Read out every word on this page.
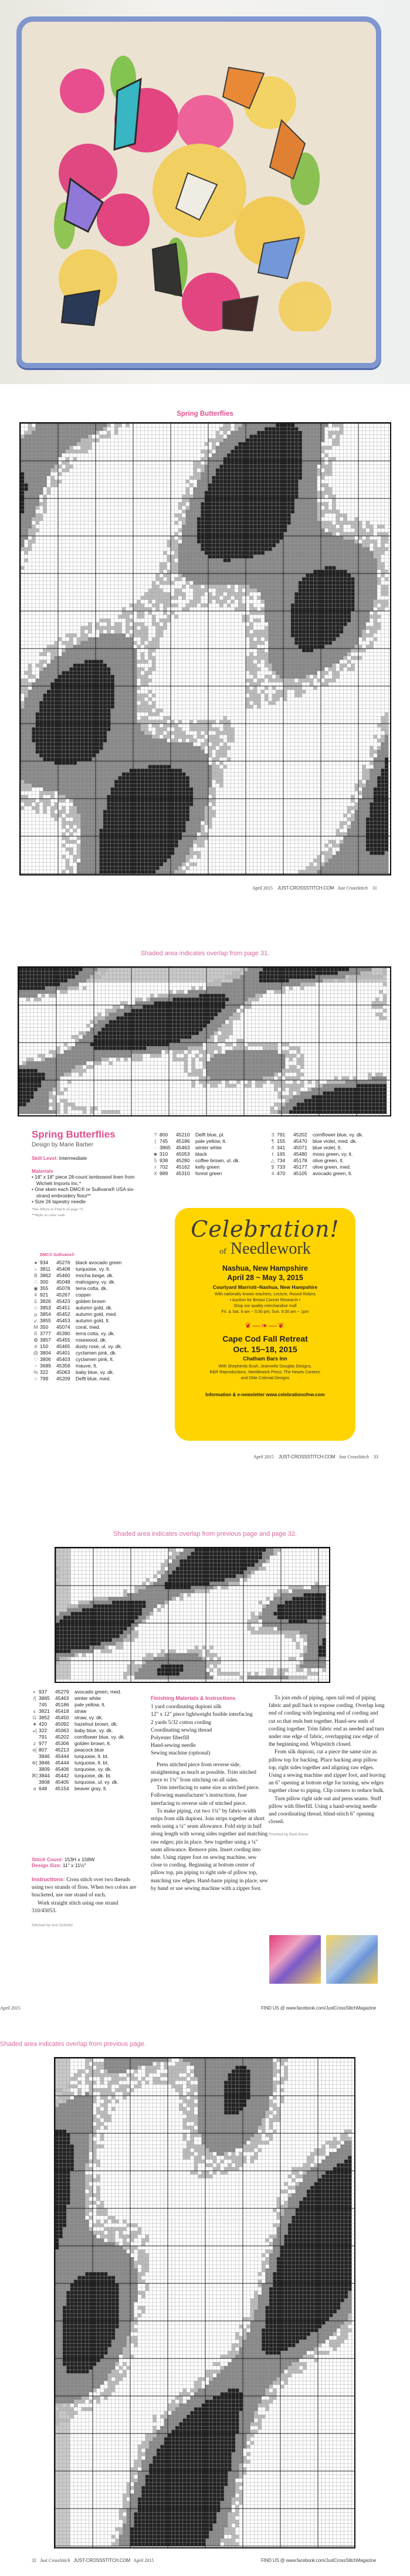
Spring Butterflies
April 2015 JUST-CROSSSTITCH.COM Just CrossStitch 31
Shaded area indicates overlap from page 31.
Spring Butterflies
Design by Marie Barber
Skill Level: Intermediate
Materials
• 18" x 18" piece 28-count lambswool linen from Wichelt Imports Inc.*
• One skein each DMC® or Sullivans® USA six-strand embroidery floss**
• Size 26 tapestry needle
*See Where to Find It on page 72.
**Refer to color code.
DMC® Sullivans®
● 934	45276	black avocado green
♭ 3811	45408	turquoise, vy. lt.
B 3862	45460	mocha beige, dk.
∷ 300	45048	mahogany, vy. dk.
◉ 355	45078	terra cotta, dk.
¢ 921	45267	copper
£ 3826	45423	golden brown
☆ 3853	45451	autumn gold, dk.
µ 3854	45452	autumn gold, med.
↙ 3855	45453	autumn gold, lt.
M 350	45074	coral, med.
ß 3777	45390	terra cotta, vy. dk.
✿ 3857	45455	rosewood, dk.
# 150	45465	dusty rose, ul. vy. dk.
@ 3804	45401	cyclamen pink, dk.
♡ 3806	45403	cyclamen pink, lt.
~ 3689	45358	mauve, lt.
% 322	45063	baby blue, vy. dk.
○ 799	45209	Deflt blue, med.
? 800	45210	Delft blue, pl.
( 745	45186	pale yellow, lt.
· 3865	45463	winter white
■ 310	45053	black
5 938	45280	coffee brown, ul. dk.
r 702	45162	kelly green
X 989	45310	forest green
3 791	45202	cornflower blue, vy. dk.
¶ 155	45470	blue violet, med. dk.
δ 341	45071	blue violet, lt.
ℓ 165	45480	moss green, vy. lt.
△ 734	45178	olive green, lt.
$ 733	45177	olive green, med.
4 470	45105	avocado green, lt.
Celebration!
of Needlework
Nashua, New Hampshire
April 28 ~ May 3, 2015
Courtyard Marriott–Nashua, New Hampshire
With nationally known teachers, Lecture, Round Robins
• Auction for Breast Cancer Research •
Shop our quality merchandise mall
Fri. & Sat. 9 am ~ 5:30 pm; Sun. 9:30 am ~ 1pm
❦―❧―❦
Cape Cod Fall Retreat
Oct. 15~18, 2015
Chatham Bars Inn
With Shepherds Bush, Jeannette Douglas Designs,
R&R Reproductions, Needlework Press, The Hearts Content,
and Olde Colonial Designs
Information & e-newsletter www.celebrationofnw.com
April 2015 JUST-CROSSSTITCH.COM Just CrossStitch 33
Shaded area indicates overlap from previous page and page 32.
◐ 937	45279	avocado green, med.
/[ 3865	45463	winter white
745	45186	pale yellow, lt.
ε 3821	45418	straw
G 3852	45450	straw, vy. dk.
★ 420	45092	hazelnut brown, dk.
◒[ 322	45063	baby blue, vy. dk.
791	45202	cornflower blue, vy. dk.
z 977	45306	golden brown, lt.
e[ 807	45213	peacock blue
3846	45444	turquoise, lt. bt.
⊗[ 3846	45444	turquoise, lt. bt.
3809	45406	turquoise, vy. dk.
⌘[ 3844	45442	turquoise, dk. bt.
3808	45405	turquoise, ul. vy. dk.
a 648	45154	beaver gray, lt.
Stitch Count: 153H x 158W
Design Size: 11" x 11½"

Instructions: Cross stitch over two threads using two strands of floss. When two colors are bracketed, use one strand of each.

Work straight stitch using one strand 310/45053.

Stitched by Ann Schmitz
Finishing Materials & Instructions
1 yard coordinating dupioni silk
12" x 12" piece lightweight fusible interfacing
2 yards 5/32 cotton cording
Coordinating sewing thread
Polyester fiberfill
Hand-sewing needle
Sewing machine (optional)

Press stitched piece from reverse side, straightening as much as possible. Trim stitched piece to 1¾" from stitching on all sides.

Trim interfacing to same size as stitched piece. Following manufacturer’s instructions, fuse interfacing to reverse side of stitched piece.

To make piping, cut two 1¾" by fabric-width strips from silk dupioni. Join strips together at short ends using a ¼" seam allowance. Fold strip in half along length with wrong sides together and matching raw edges; pin in place. Sew together using a ¼" seam allowance. Remove pins. Insert cording into tube. Using zipper foot on sewing machine, sew close to cording. Beginning at bottom center of pillow top, pin piping to right side of pillow top, matching raw edges. Hand-baste piping in place; sew by hand or use sewing machine with a zipper foot.

To join ends of piping, open tail end of piping fabric and pull back to expose cording. Overlap long end of cording with beginning end of cording and cut so that ends butt together. Hand-sew ends of cording together. Trim fabric end as needed and turn under one edge of fabric, overlapping raw edge of the beginning end. Whipstitch closed.

From silk dupioni, cut a piece the same size as pillow top for backing. Place backing atop pillow top, right sides together and aligning raw edges. Using a sewing machine and zipper foot, and leaving an 6" opening at bottom edge for turning, sew edges together close to piping. Clip corners to reduce bulk.

Turn pillow right side out and press seams. Stuff pillow with fiberfill. Using a hand-sewing needle and coordinating thread, blind-stitch 6" opening closed.

Finished by Barb Kiene
April 2015	FIND US @ www.facebook.com/JustCrossStitchMagazine
Shaded area indicates overlap from previous page.
32 Just CrossStitch JUST-CROSSSTITCH.COM April 2015	FIND US @ www.facebook.com/JustCrossStitchMagazine
